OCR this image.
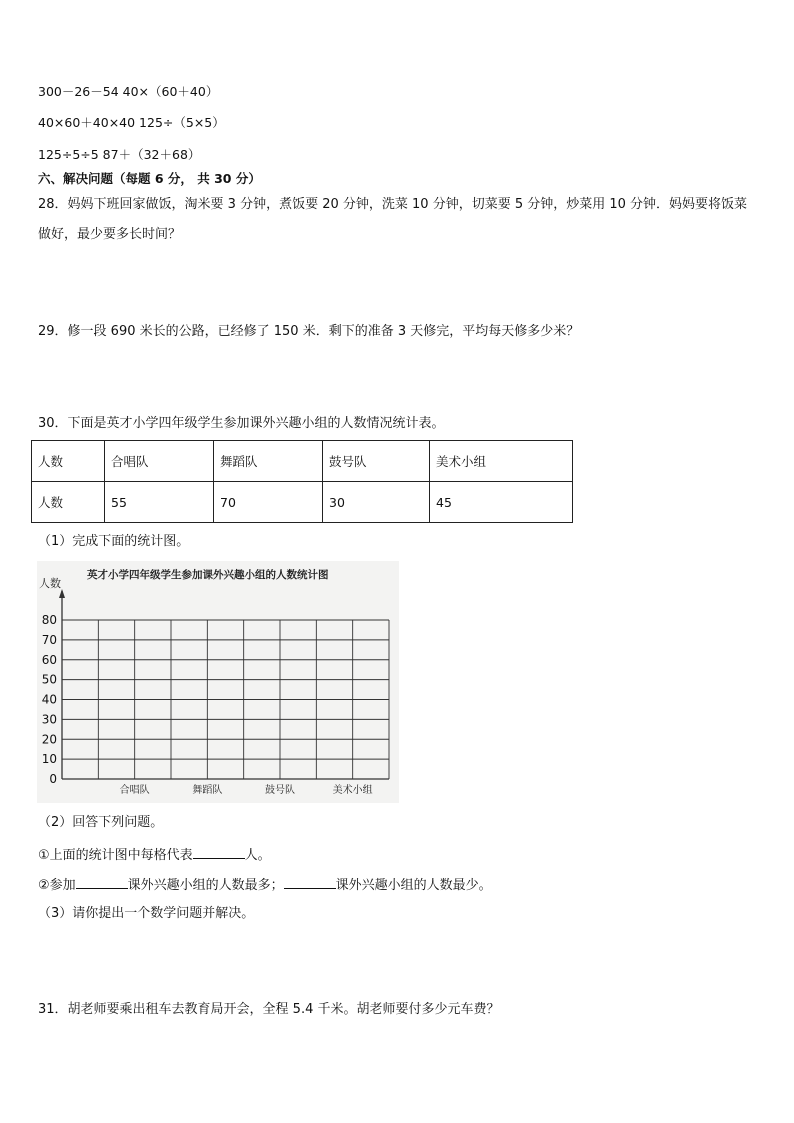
300－26－54 40×（60＋40）
40×60＋40×40 125÷（5×5）
125÷5÷5 87＋（32＋68）
六、解决问题（每题 6 分， 共 30 分）
28．妈妈下班回家做饭，淘米要 3 分钟，煮饭要 20 分钟，洗菜 10 分钟，切菜要 5 分钟，炒菜用 10 分钟．妈妈要将饭菜做好，最少要多长时间？
29．修一段 690 米长的公路，已经修了 150 米．剩下的准备 3 天修完，平均每天修多少米？
30．下面是英才小学四年级学生参加课外兴趣小组的人数情况统计表。
人数	合唱队	舞蹈队	鼓号队	美术小组
人数	55	70	30	45
（1）完成下面的统计图。
英才小学四年级学生参加课外兴趣小组的人数统计图
人数
0
10
20
30
40
50
60
70
80
合唱队	舞蹈队	鼓号队	美术小组
（2）回答下列问题。
①上面的统计图中每格代表	人。
②参加	课外兴趣小组的人数最多；	课外兴趣小组的人数最少。
（3）请你提出一个数学问题并解决。
31．胡老师要乘出租车去教育局开会，全程 5.4 千米。胡老师要付多少元车费？
